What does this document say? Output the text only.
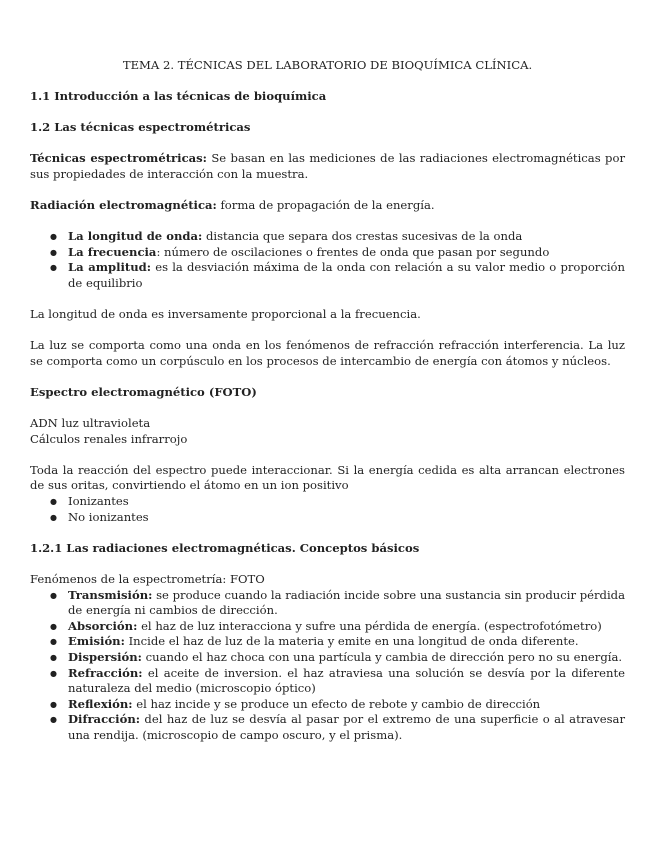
TEMA 2. TÉCNICAS DEL LABORATORIO DE BIOQUÍMICA CLÍNICA.
1.1 Introducción a las técnicas de bioquímica
1.2 Las técnicas espectrométricas

Técnicas espectrométricas: Se basan en las mediciones de las radiaciones electromagnéticas por sus propiedades de interacción con la muestra.

Radiación electromagnética: forma de propagación de la energía.

● La longitud de onda: distancia que separa dos crestas sucesivas de la onda
● La frecuencia: número de oscilaciones o frentes de onda que pasan por segundo
● La amplitud: es la desviación máxima de la onda con relación a su valor medio o proporción de equilibrio

La longitud de onda es inversamente proporcional a la frecuencia.

La luz se comporta como una onda en los fenómenos de refracción refracción interferencia. La luz se comporta como un corpúsculo en los procesos de intercambio de energía con átomos y núcleos.

Espectro electromagnético (FOTO)

ADN luz ultravioleta

Cálculos renales infrarrojo

Toda la reacción del espectro puede interaccionar. Si la energía cedida es alta arrancan electrones de sus oritas, convirtiendo el átomo en un ion positivo

● Ionizantes
● No ionizantes
1.2.1 Las radiaciones electromagnéticas. Conceptos básicos

Fenómenos de la espectrometría: FOTO

● Transmisión: se produce cuando la radiación incide sobre una sustancia sin producir pérdida de energía ni cambios de dirección.
● Absorción: el haz de luz interacciona y sufre una pérdida de energía. (espectrofotómetro)
● Emisión: Incide el haz de luz de la materia y emite en una longitud de onda diferente.
● Dispersión: cuando el haz choca con una partícula y cambia de dirección pero no su energía.
● Refracción: el aceite de inversion. el haz atraviesa una solución se desvía por la diferente naturaleza del medio (microscopio óptico)
● Reflexión: el haz incide y se produce un efecto de rebote y cambio de dirección
● Difracción: del haz de luz se desvía al pasar por el extremo de una superficie o al atravesar una rendija. (microscopio de campo oscuro, y el prisma).
